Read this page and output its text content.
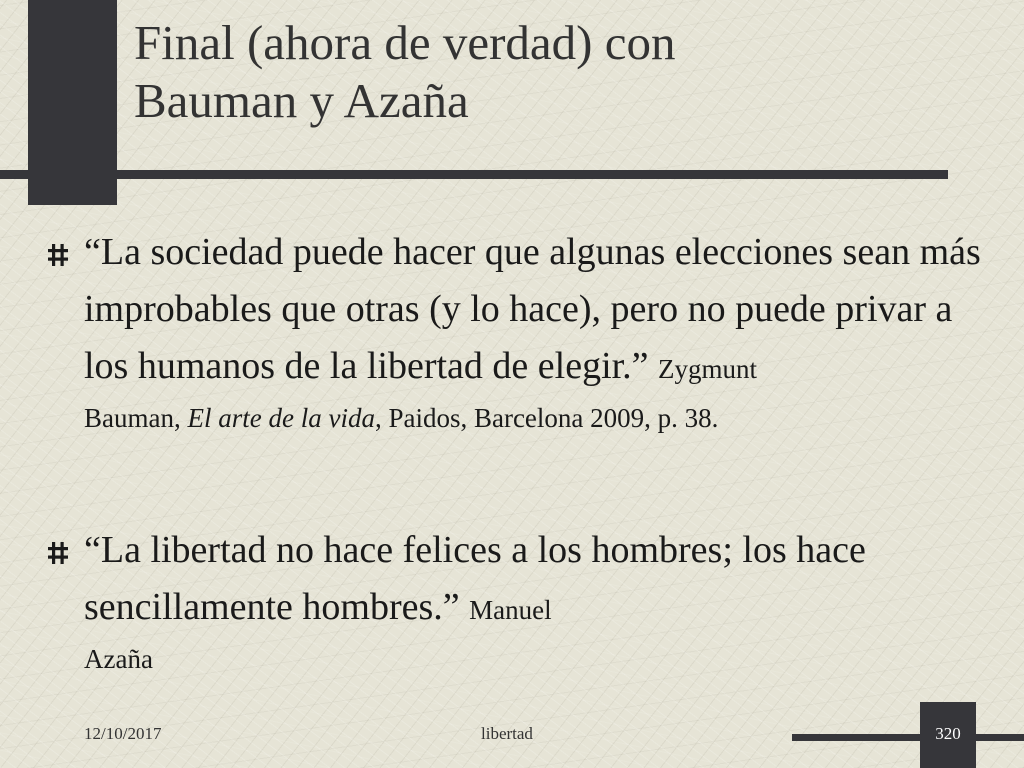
Final (ahora de verdad) con
Bauman y Azaña
“La sociedad puede hacer que algunas elecciones sean más improbables que otras (y lo hace), pero no puede privar a los humanos de la libertad de elegir.” Zygmunt
Bauman, El arte de la vida, Paidos, Barcelona 2009, p. 38.
“La libertad no hace felices a los hombres; los hace sencillamente hombres.” Manuel
Azaña
12/10/2017	libertad	320
